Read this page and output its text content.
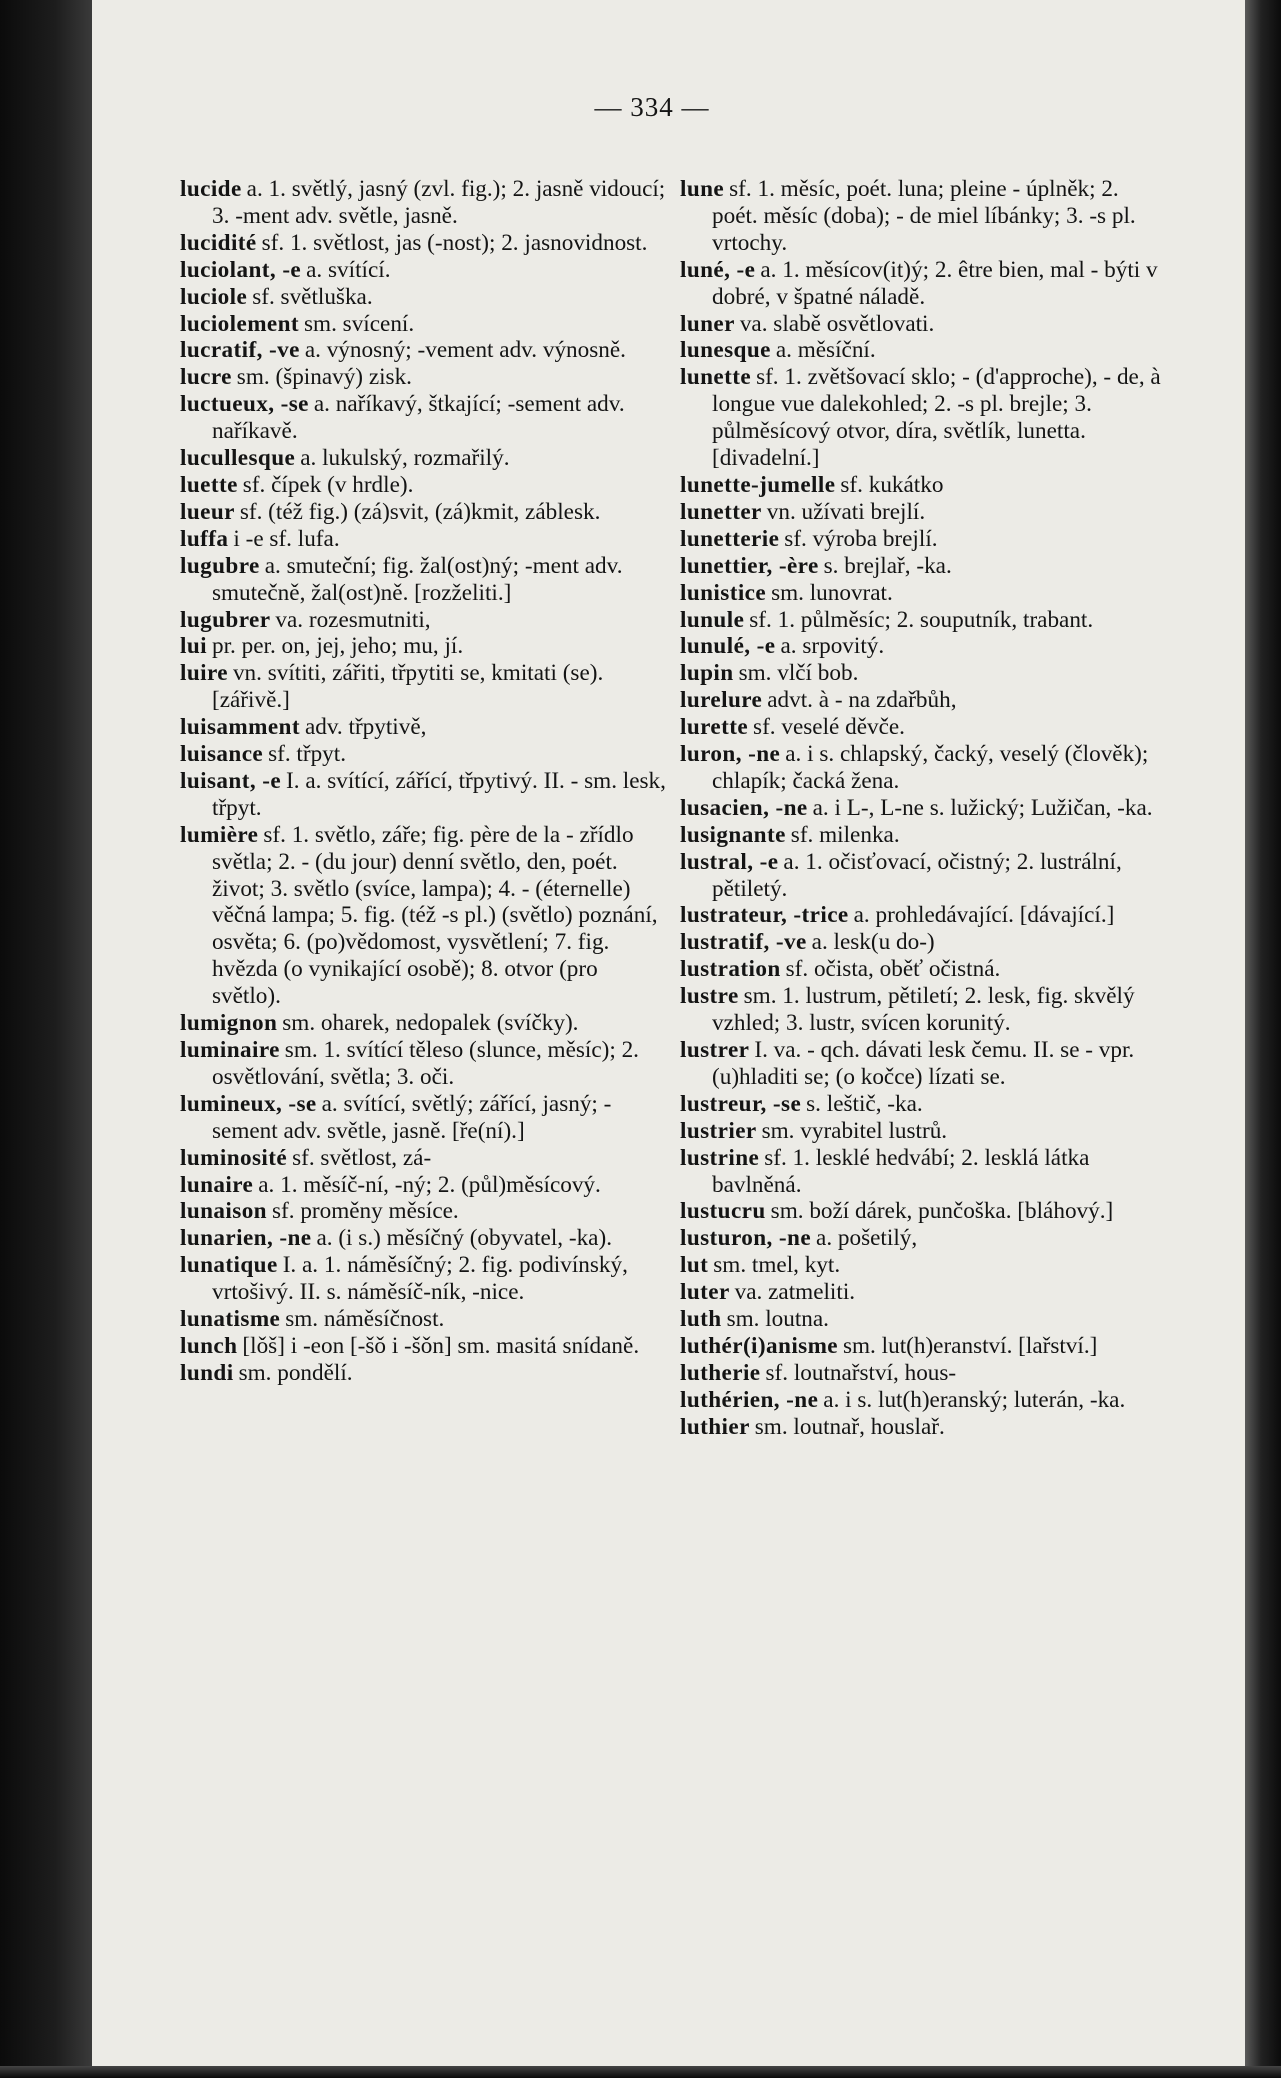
— 334 —

lucide a. 1. světlý, jasný (zvl. fig.); 2. jasně vidoucí; 3. -ment adv. světle, jasně.

lucidité sf. 1. světlost, jas (-nost); 2. jasnovidnost.

luciolant, -e a. svítící.

luciole sf. světluška.

luciolement sm. svícení.

lucratif, -ve a. výnosný; -vement adv. výnosně.

lucre sm. (špinavý) zisk.

luctueux, -se a. naříkavý, štkající; -sement adv. naříkavě.

lucullesque a. lukulský, rozmařilý.

luette sf. čípek (v hrdle).

lueur sf. (též fig.) (zá)svit, (zá)kmit, záblesk.

luffa i -e sf. lufa.

lugubre a. smuteční; fig. žal(ost)ný; -ment adv. smutečně, žal(ost)ně. [rozželiti.]

lugubrer va. rozesmutniti,

lui pr. per. on, jej, jeho; mu, jí.

luire vn. svítiti, zářiti, třpytiti se, kmitati (se). [zářivě.]

luisamment adv. třpytivě,

luisance sf. třpyt.

luisant, -e I. a. svítící, zářící, třpytivý. II. - sm. lesk, třpyt.

lumière sf. 1. světlo, záře; fig. père de la - zřídlo světla; 2. - (du jour) denní světlo, den, poét. život; 3. světlo (svíce, lampa); 4. - (éternelle) věčná lampa; 5. fig. (též -s pl.) (světlo) poznání, osvěta; 6. (po)vědomost, vysvětlení; 7. fig. hvězda (o vynikající osobě); 8. otvor (pro světlo).

lumignon sm. oharek, nedopalek (svíčky).

luminaire sm. 1. svítící těleso (slunce, měsíc); 2. osvětlování, světla; 3. oči.

lumineux, -se a. svítící, světlý; zářící, jasný; -sement adv. světle, jasně. [ře(ní).]

luminosité sf. světlost, zá-

lunaire a. 1. měsíč-ní, -ný; 2. (půl)měsícový.

lunaison sf. proměny měsíce.

lunarien, -ne a. (i s.) měsíčný (obyvatel, -ka).

lunatique I. a. 1. náměsíčný; 2. fig. podivínský, vrtošivý. II. s. náměsíč-ník, -nice.

lunatisme sm. náměsíčnost.

lunch [lǒš] i -eon [-šǒ i -šǒn] sm. masitá snídaně.

lundi sm. pondělí.

lune sf. 1. měsíc, poét. luna; pleine - úplněk; 2. poét. měsíc (doba); - de miel líbánky; 3. -s pl. vrtochy.

luné, -e a. 1. měsícov(it)ý; 2. être bien, mal - býti v dobré, v špatné náladě.

luner va. slabě osvětlovati.

lunesque a. měsíční.

lunette sf. 1. zvětšovací sklo; - (d'approche), - de, à longue vue dalekohled; 2. -s pl. brejle; 3. půlměsícový otvor, díra, světlík, lunetta. [divadelní.]

lunette-jumelle sf. kukátko

lunetter vn. užívati brejlí.

lunetterie sf. výroba brejlí.

lunettier, -ère s. brejlař, -ka.

lunistice sm. lunovrat.

lunule sf. 1. půlměsíc; 2. souputník, trabant.

lunulé, -e a. srpovitý.

lupin sm. vlčí bob.

lurelure advt. à - na zdařbůh,

lurette sf. veselé děvče.

luron, -ne a. i s. chlapský, čacký, veselý (člověk); chlapík; čacká žena.

lusacien, -ne a. i L-, L-ne s. lužický; Lužičan, -ka.

lusignante sf. milenka.

lustral, -e a. 1. očisťovací, očistný; 2. lustrální, pětiletý.

lustrateur, -trice a. prohledávající. [dávající.]

lustratif, -ve a. lesk(u do-)

lustration sf. očista, oběť očistná.

lustre sm. 1. lustrum, pětiletí; 2. lesk, fig. skvělý vzhled; 3. lustr, svícen korunitý.

lustrer I. va. - qch. dávati lesk čemu. II. se - vpr. (u)hladiti se; (o kočce) lízati se.

lustreur, -se s. leštič, -ka.

lustrier sm. vyrabitel lustrů.

lustrine sf. 1. lesklé hedvábí; 2. lesklá látka bavlněná.

lustucru sm. boží dárek, punčoška. [bláhový.]

lusturon, -ne a. pošetilý,

lut sm. tmel, kyt.

luter va. zatmeliti.

luth sm. loutna.

luthér(i)anisme sm. lut(h)eranství. [lařství.]

lutherie sf. loutnařství, hous-

luthérien, -ne a. i s. lut(h)eranský; luterán, -ka.

luthier sm. loutnař, houslař.
